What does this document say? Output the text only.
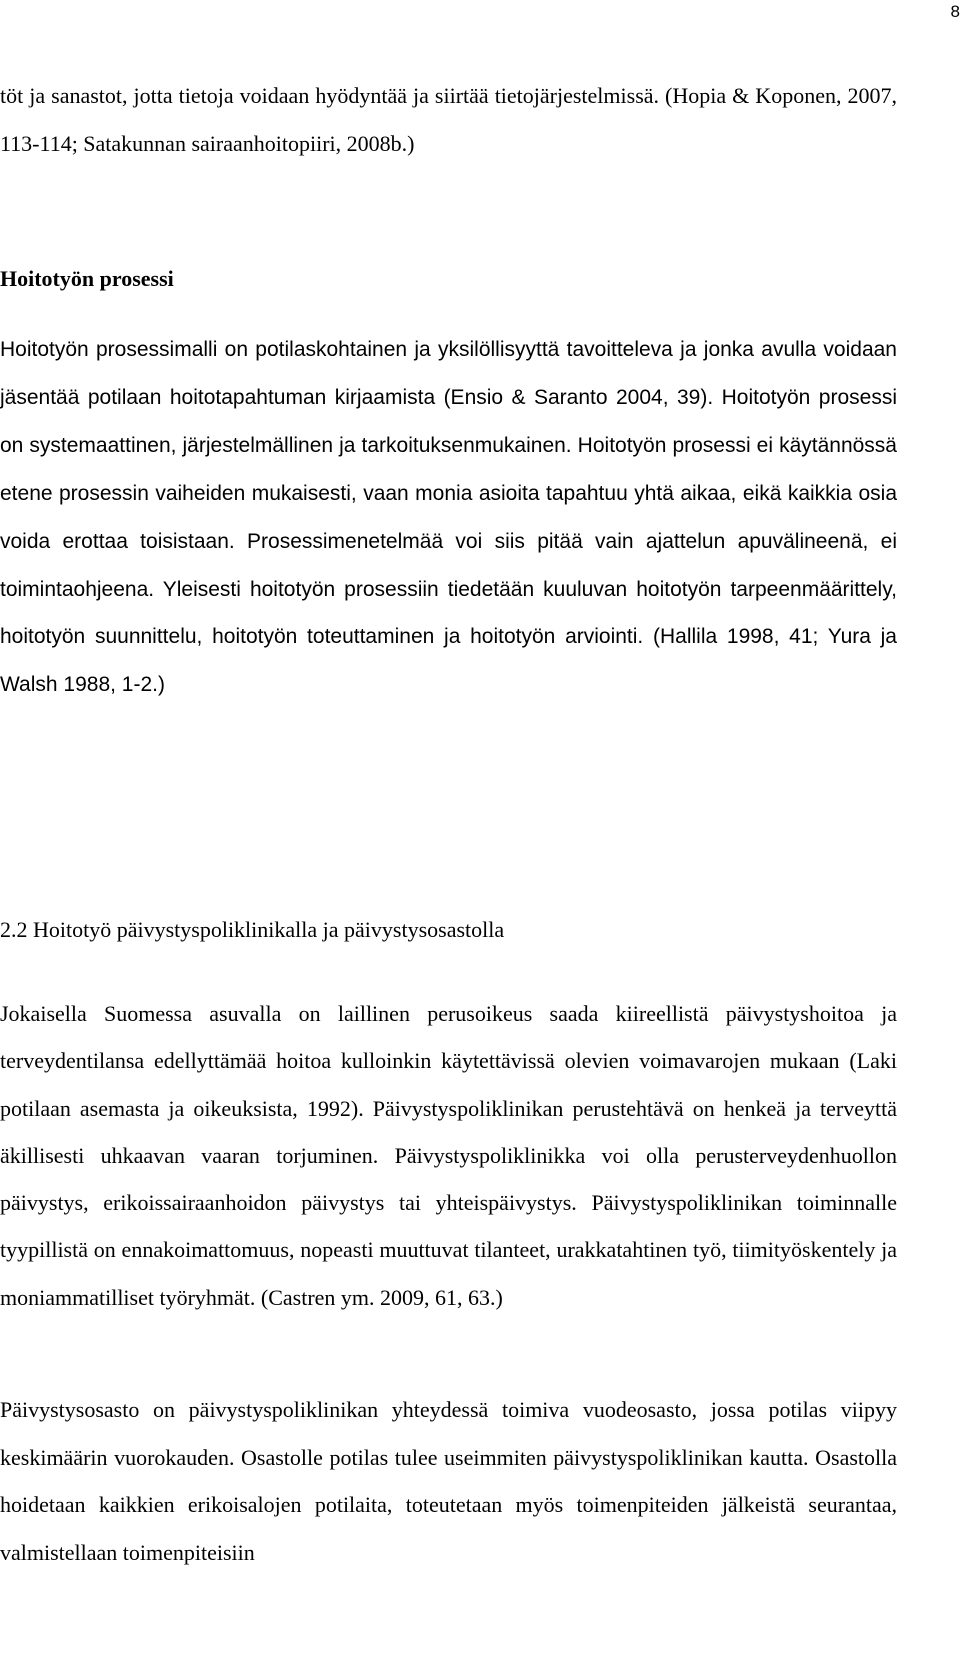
8

töt ja sanastot, jotta tietoja voidaan hyödyntää ja siirtää tietojärjestelmissä. (Hopia & Koponen, 2007, 113-114; Satakunnan sairaanhoitopiiri, 2008b.)

Hoitotyön prosessi

Hoitotyön prosessimalli on potilaskohtainen ja yksilöllisyyttä tavoitteleva ja jonka avulla voidaan jäsentää potilaan hoitotapahtuman kirjaamista (Ensio & Saranto 2004, 39). Hoitotyön prosessi on systemaattinen, järjestelmällinen ja tarkoituksenmukainen. Hoitotyön prosessi ei käytännössä etene prosessin vaiheiden mukaisesti, vaan monia asioita tapahtuu yhtä aikaa, eikä kaikkia osia voida erottaa toisistaan. Prosessimenetelmää voi siis pitää vain ajattelun apuvälineenä, ei toimintaohjeena. Yleisesti hoitotyön prosessiin tiedetään kuuluvan hoitotyön tarpeenmäärittely, hoitotyön suunnittelu, hoitotyön toteuttaminen ja hoitotyön arviointi. (Hallila 1998, 41; Yura ja Walsh 1988, 1-2.)

2.2 Hoitotyö päivystyspoliklinikalla ja päivystysosastolla

Jokaisella Suomessa asuvalla on laillinen perusoikeus saada kiireellistä päivystyshoitoa ja terveydentilansa edellyttämää hoitoa kulloinkin käytettävissä olevien voimavarojen mukaan (Laki potilaan asemasta ja oikeuksista, 1992). Päivystyspoliklinikan perustehtävä on henkeä ja terveyttä äkillisesti uhkaavan vaaran torjuminen. Päivystyspoliklinikka voi olla perusterveydenhuollon päivystys, erikoissairaanhoidon päivystys tai yhteispäivystys. Päivystyspoliklinikan toiminnalle tyypillistä on ennakoimattomuus, nopeasti muuttuvat tilanteet, urakkatahtinen työ, tiimityöskentely ja moniammatilliset työryhmät. (Castren ym. 2009, 61, 63.)

Päivystysosasto on päivystyspoliklinikan yhteydessä toimiva vuodeosasto, jossa potilas viipyy keskimäärin vuorokauden. Osastolle potilas tulee useimmiten päivystyspoliklinikan kautta. Osastolla hoidetaan kaikkien erikoisalojen potilaita, toteutetaan myös toimenpiteiden jälkeistä seurantaa, valmistellaan toimenpiteisiin
